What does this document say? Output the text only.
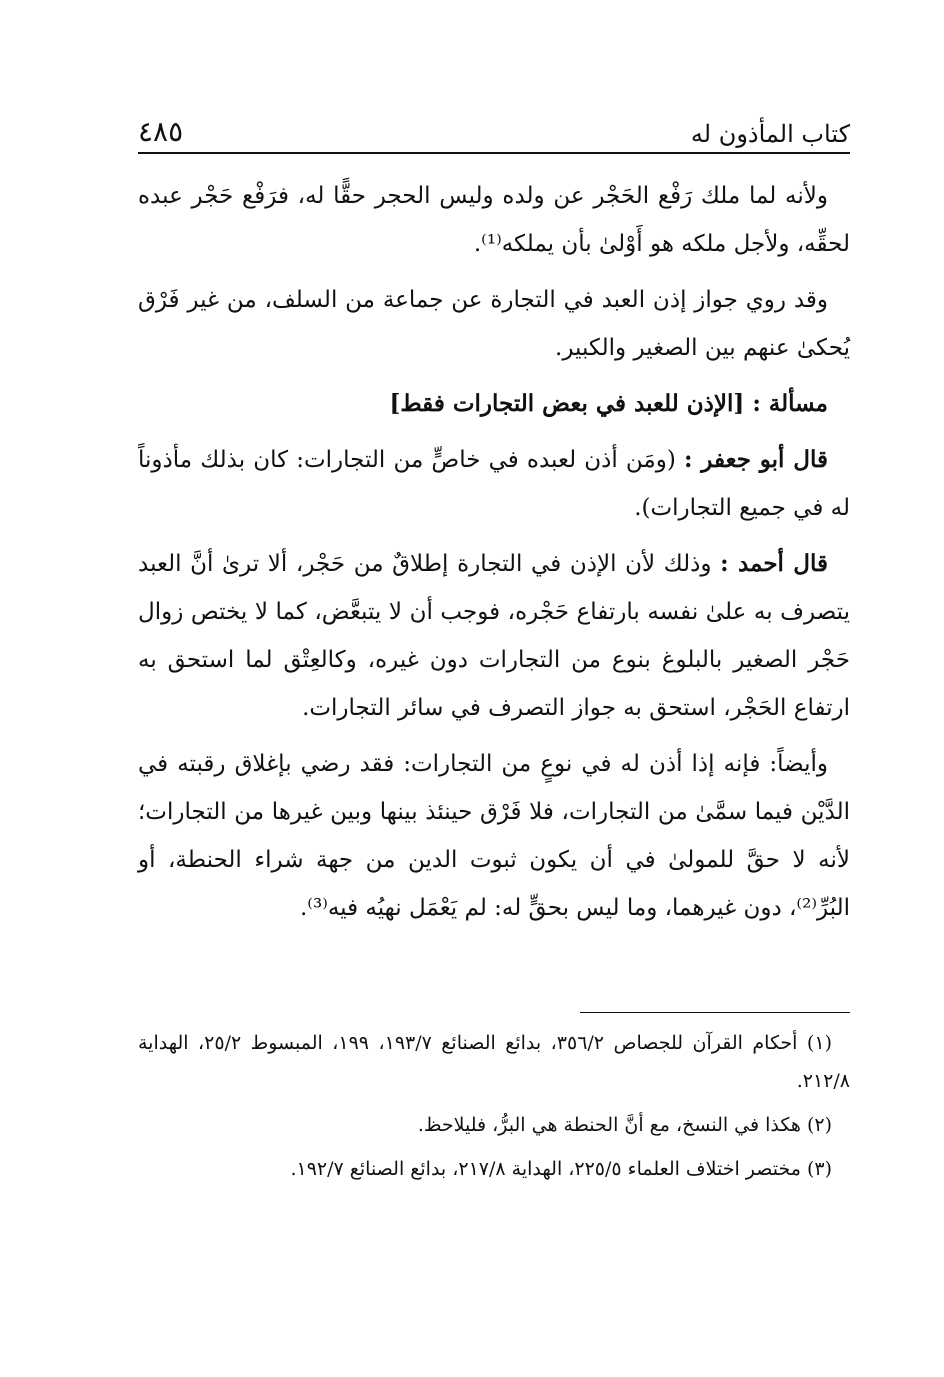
كتاب المأذون له
٤٨٥

ولأنه لما ملك رَفْع الحَجْر عن ولده وليس الحجر حقًّا له، فرَفْع حَجْر عبده لحقِّه، ولأجل ملكه هو أَوْلىٰ بأن يملكه⁽¹⁾.

وقد روي جواز إذن العبد في التجارة عن جماعة من السلف، من غير فَرْق يُحكىٰ عنهم بين الصغير والكبير.

مسألة : [الإذن للعبد في بعض التجارات فقط]

قال أبو جعفر : (ومَن أذن لعبده في خاصٍّ من التجارات: كان بذلك مأذوناً له في جميع التجارات).

قال أحمد : وذلك لأن الإذن في التجارة إطلاقٌ من حَجْر، ألا ترىٰ أنَّ العبد يتصرف به علىٰ نفسه بارتفاع حَجْره، فوجب أن لا يتبعَّض، كما لا يختص زوال حَجْر الصغير بالبلوغ بنوع من التجارات دون غيره، وكالعِتْق لما استحق به ارتفاع الحَجْر، استحق به جواز التصرف في سائر التجارات.

وأيضاً: فإنه إذا أذن له في نوعٍ من التجارات: فقد رضي بإغلاق رقبته في الدَّيْن فيما سمَّىٰ من التجارات، فلا فَرْق حينئذ بينها وبين غيرها من التجارات؛ لأنه لا حقَّ للمولىٰ في أن يكون ثبوت الدين من جهة شراء الحنطة، أو البُرِّ⁽²⁾، دون غيرهما، وما ليس بحقٍّ له: لم يَعْمَل نهيُه فيه⁽³⁾.

(١) أحكام القرآن للجصاص ٣٥٦/٢، بدائع الصنائع ١٩٣/٧، ١٩٩، المبسوط ٢٥/٢، الهداية ٢١٢/٨.

(٢) هكذا في النسخ، مع أنَّ الحنطة هي البرُّ، فليلاحظ.

(٣) مختصر اختلاف العلماء ٢٢٥/٥، الهداية ٢١٧/٨، بدائع الصنائع ١٩٢/٧.
